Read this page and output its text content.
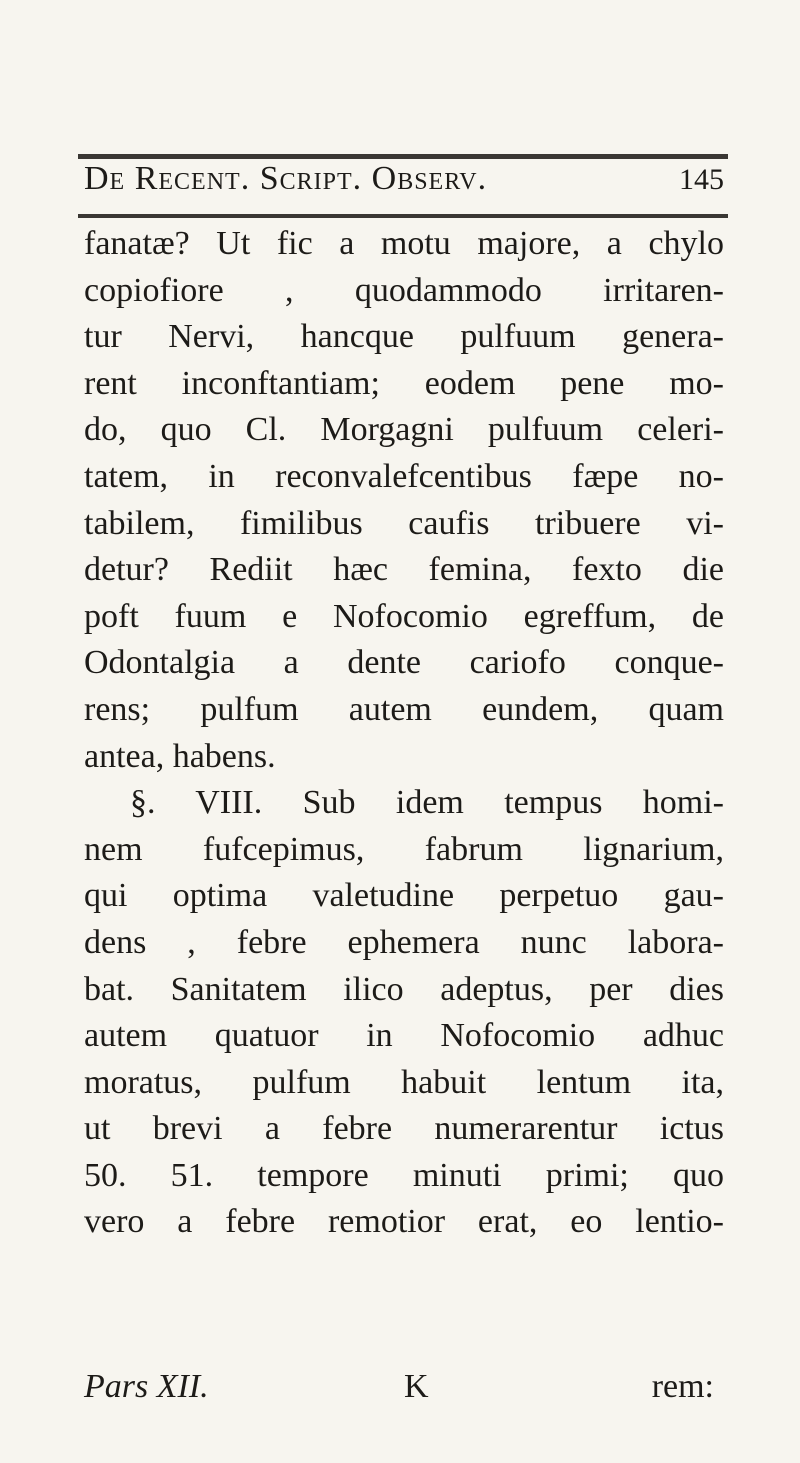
De Recent. Script. Observ.	145
fanatæ? Ut fic a motu majore, a chylo
copiofiore , quodammodo irritaren-
tur Nervi, hancque pulfuum genera-
rent inconftantiam; eodem pene mo-
do, quo Cl. Morgagni pulfuum celeri-
tatem, in reconvalefcentibus fæpe no-
tabilem, fimilibus caufis tribuere vi-
detur? Rediit hæc femina, fexto die
poft fuum e Nofocomio egreffum, de
Odontalgia a dente cariofo conque-
rens; pulfum autem eundem, quam
antea, habens.
§. VIII. Sub idem tempus homi-
nem fufcepimus, fabrum lignarium,
qui optima valetudine perpetuo gau-
dens , febre ephemera nunc labora-
bat. Sanitatem ilico adeptus, per dies
autem quatuor in Nofocomio adhuc
moratus, pulfum habuit lentum ita,
ut brevi a febre numerarentur ictus
50. 51. tempore minuti primi; quo
vero a febre remotior erat, eo lentio-
Pars XII.	K	rem:
